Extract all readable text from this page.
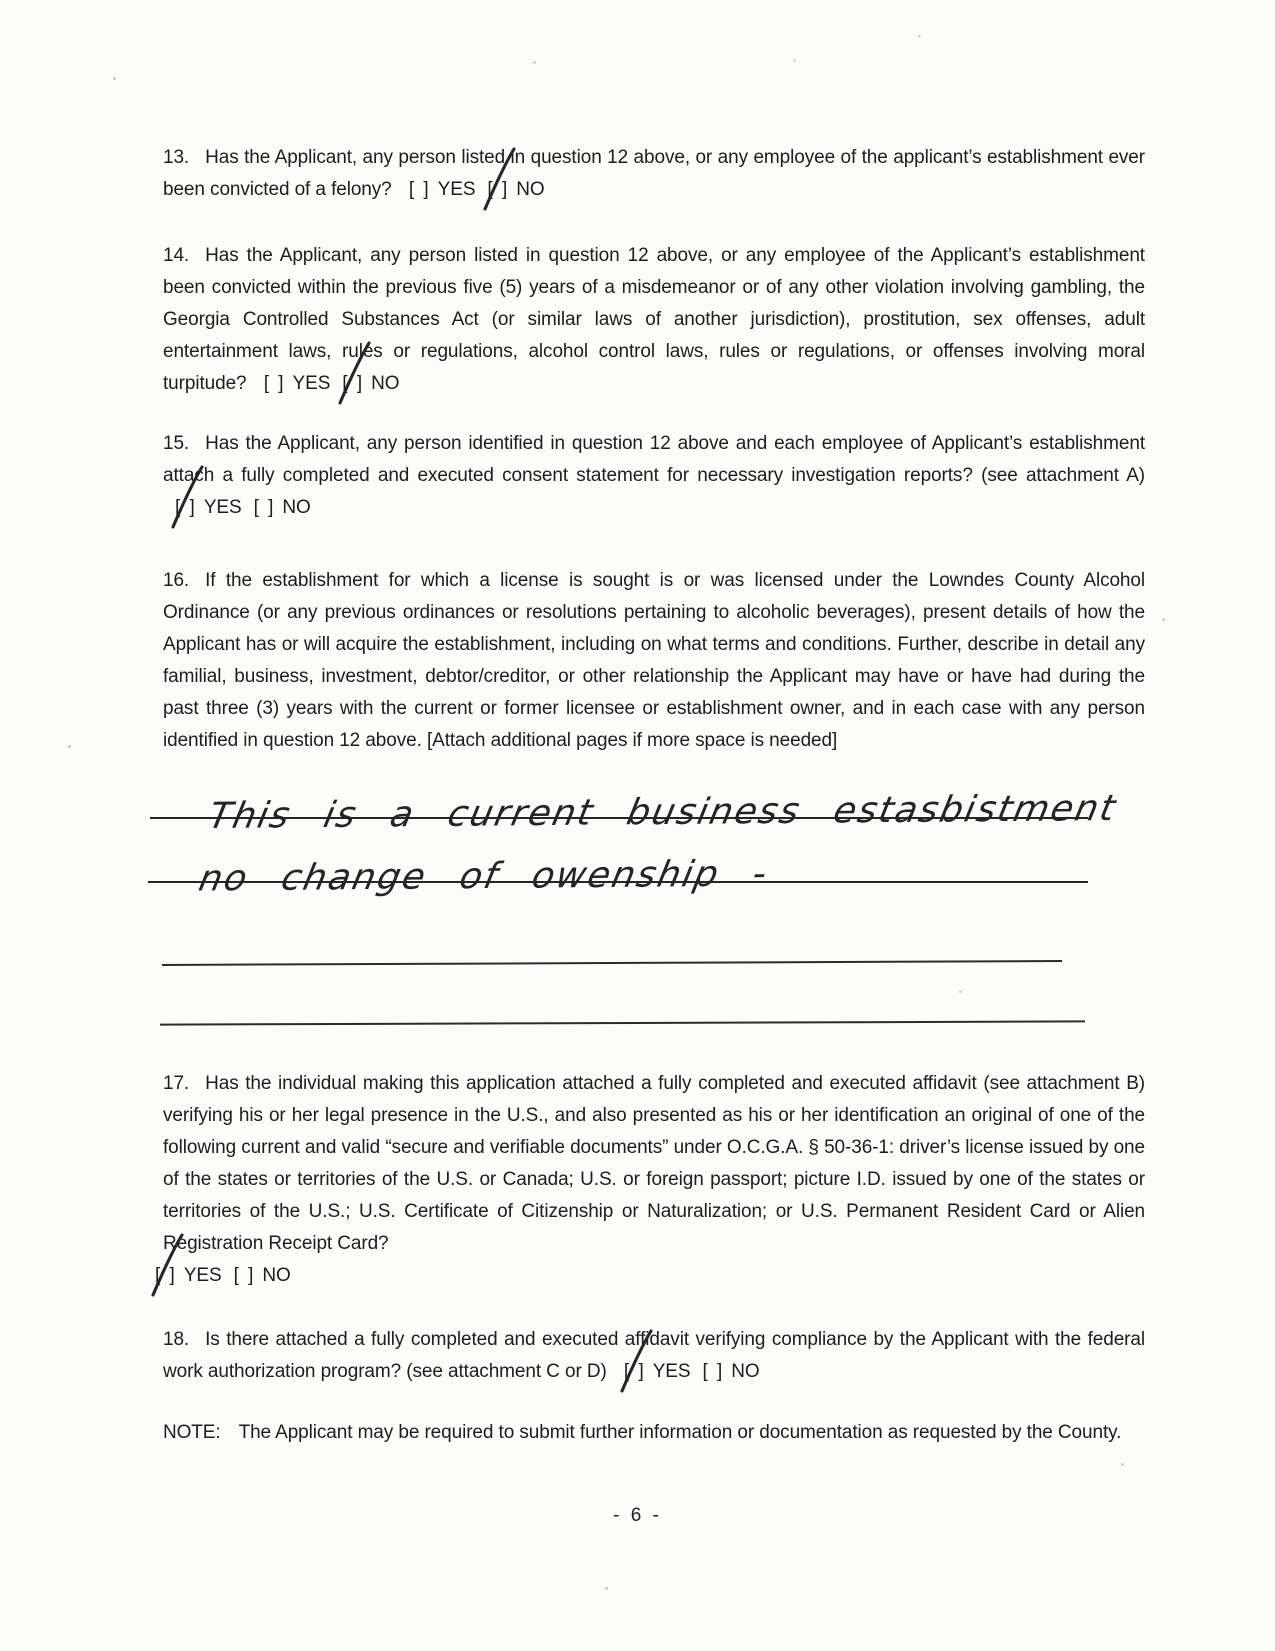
13. Has the Applicant, any person listed in question 12 above, or any employee of the applicant’s establishment ever been convicted of a felony? [ ] YES [ ] NO

14. Has the Applicant, any person listed in question 12 above, or any employee of the Applicant’s establishment been convicted within the previous five (5) years of a misdemeanor or of any other violation involving gambling, the Georgia Controlled Substances Act (or similar laws of another jurisdiction), prostitution, sex offenses, adult entertainment laws, rules or regulations, alcohol control laws, rules or regulations, or offenses involving moral turpitude? [ ] YES [ ] NO

15. Has the Applicant, any person identified in question 12 above and each employee of Applicant’s establishment attach a fully completed and executed consent statement for necessary investigation reports? (see attachment A) [ ] YES [ ] NO

16. If the establishment for which a license is sought is or was licensed under the Lowndes County Alcohol Ordinance (or any previous ordinances or resolutions pertaining to alcoholic beverages), present details of how the Applicant has or will acquire the establishment, including on what terms and conditions. Further, describe in detail any familial, business, investment, debtor/creditor, or other relationship the Applicant may have or have had during the past three (3) years with the current or former licensee or establishment owner, and in each case with any person identified in question 12 above. [Attach additional pages if more space is needed]

This is a current business estasbistment
no change of owenship -

17. Has the individual making this application attached a fully completed and executed affidavit (see attachment B) verifying his or her legal presence in the U.S., and also presented as his or her identification an original of one of the following current and valid “secure and verifiable documents” under O.C.G.A. § 50-36-1: driver’s license issued by one of the states or territories of the U.S. or Canada; U.S. or foreign passport; picture I.D. issued by one of the states or territories of the U.S.; U.S. Certificate of Citizenship or Naturalization; or U.S. Permanent Resident Card or Alien Registration Receipt Card?

[ ] YES [ ] NO

18. Is there attached a fully completed and executed affidavit verifying compliance by the Applicant with the federal work authorization program? (see attachment C or D) [ ] YES [ ] NO

NOTE: The Applicant may be required to submit further information or documentation as requested by the County.

- 6 -
